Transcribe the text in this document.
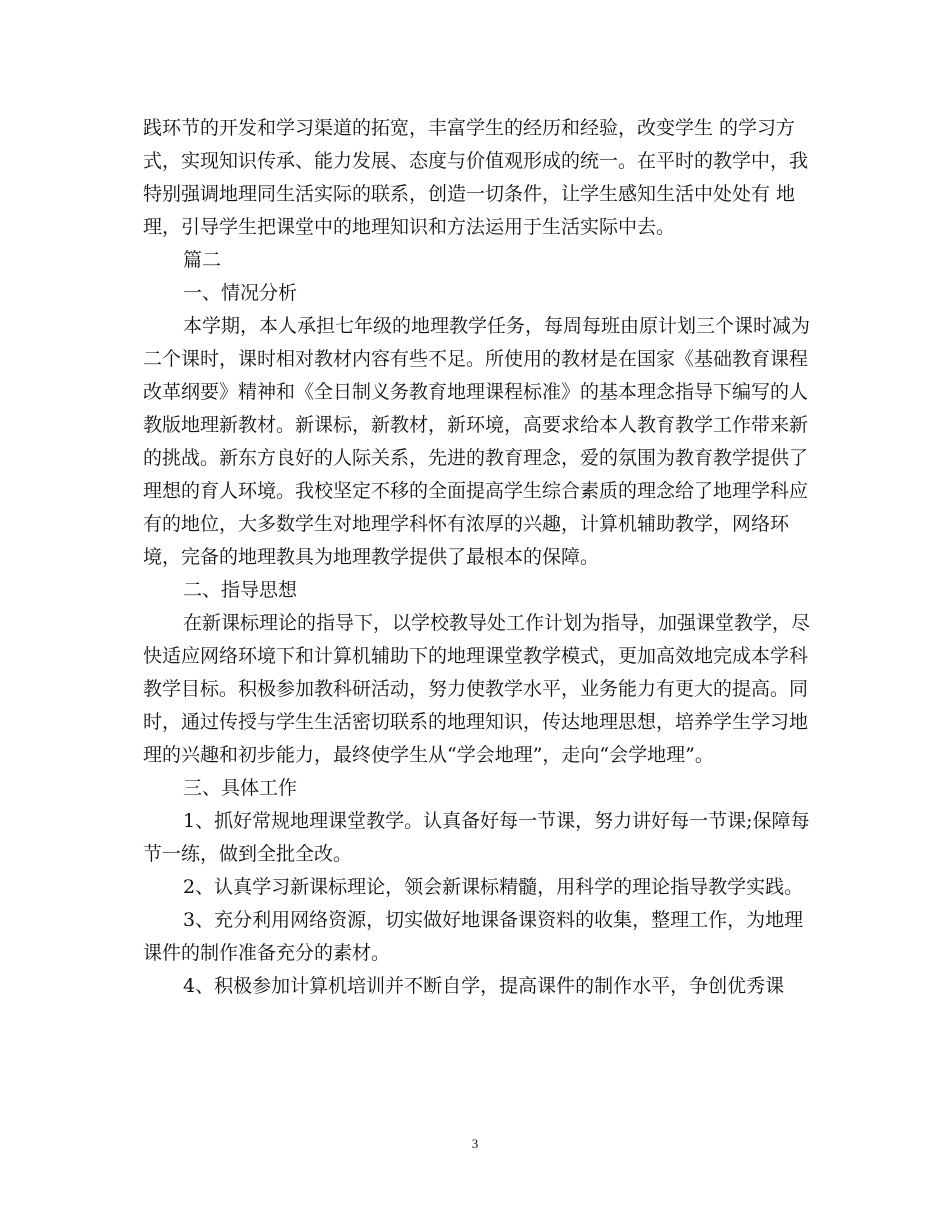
践环节的开发和学习渠道的拓宽，丰富学生的经历和经验，改变学生 的学习方
式，实现知识传承、能力发展、态度与价值观形成的统一。在平时的教学中，我
特别强调地理同生活实际的联系，创造一切条件，让学生感知生活中处处有 地
理，引导学生把课堂中的地理知识和方法运用于生活实际中去。
篇二
一、情况分析
本学期，本人承担七年级的地理教学任务，每周每班由原计划三个课时减为
二个课时，课时相对教材内容有些不足。所使用的教材是在国家《基础教育课程
改革纲要》精神和《全日制义务教育地理课程标准》的基本理念指导下编写的人
教版地理新教材。新课标，新教材，新环境，高要求给本人教育教学工作带来新
的挑战。新东方良好的人际关系，先进的教育理念，爱的氛围为教育教学提供了
理想的育人环境。我校坚定不移的全面提高学生综合素质的理念给了地理学科应
有的地位，大多数学生对地理学科怀有浓厚的兴趣，计算机辅助教学，网络环
境，完备的地理教具为地理教学提供了最根本的保障。
二、指导思想
在新课标理论的指导下，以学校教导处工作计划为指导，加强课堂教学，尽
快适应网络环境下和计算机辅助下的地理课堂教学模式，更加高效地完成本学科
教学目标。积极参加教科研活动，努力使教学水平，业务能力有更大的提高。同
时，通过传授与学生生活密切联系的地理知识，传达地理思想，培养学生学习地
理的兴趣和初步能力，最终使学生从“学会地理”，走向“会学地理”。
三、具体工作
1、抓好常规地理课堂教学。认真备好每一节课，努力讲好每一节课;保障每
节一练，做到全批全改。
2、认真学习新课标理论，领会新课标精髓，用科学的理论指导教学实践。
3、充分利用网络资源，切实做好地课备课资料的收集，整理工作，为地理
课件的制作准备充分的素材。
4、积极参加计算机培训并不断自学，提高课件的制作水平，争创优秀课
3
